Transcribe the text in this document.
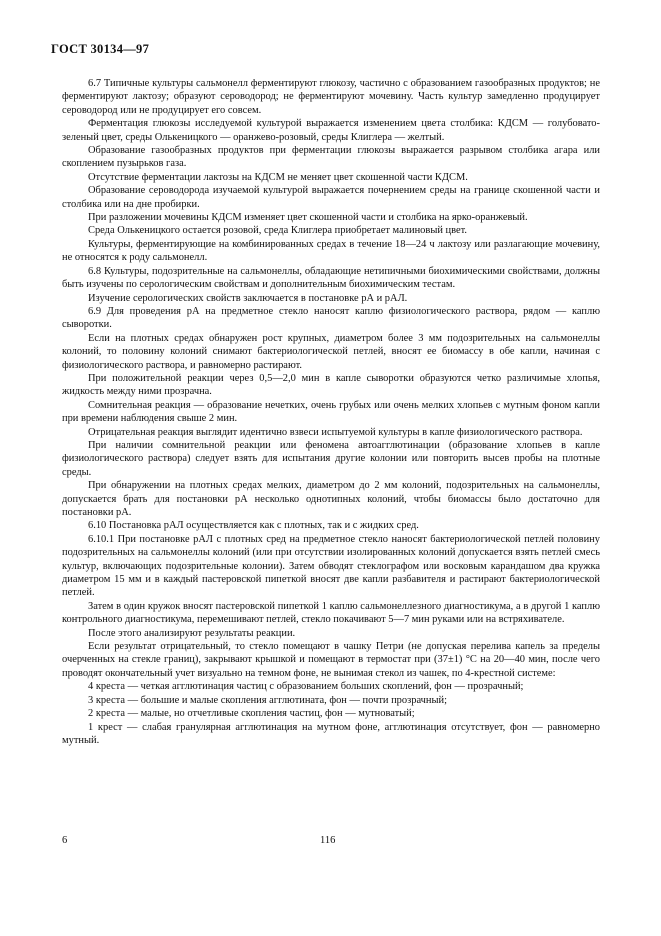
ГОСТ 30134—97

6.7 Типичные культуры сальмонелл ферментируют глюкозу, частично с образованием газообразных продуктов; не ферментируют лактозу; образуют сероводород; не ферментируют мочевину. Часть культур замедленно продуцирует сероводород или не продуцирует его совсем.

Ферментация глюкозы исследуемой культурой выражается изменением цвета столбика: КДСМ — голубовато-зеленый цвет, среды Олькеницкого — оранжево-розовый, среды Клиглера — желтый.

Образование газообразных продуктов при ферментации глюкозы выражается разрывом столбика агара или скоплением пузырьков газа.

Отсутствие ферментации лактозы на КДСМ не меняет цвет скошенной части КДСМ.

Образование сероводорода изучаемой культурой выражается почернением среды на границе скошенной части и столбика или на дне пробирки.

При разложении мочевины КДСМ изменяет цвет скошенной части и столбика на ярко-оранжевый.

Среда Олькеницкого остается розовой, среда Клиглера приобретает малиновый цвет.

Культуры, ферментирующие на комбинированных средах в течение 18—24 ч лактозу или разлагающие мочевину, не относятся к роду сальмонелл.

6.8 Культуры, подозрительные на сальмонеллы, обладающие нетипичными биохимическими свойствами, должны быть изучены по серологическим свойствам и дополнительным биохимическим тестам.

Изучение серологических свойств заключается в постановке рА и рАЛ.

6.9 Для проведения рА на предметное стекло наносят каплю физиологического раствора, рядом — каплю сыворотки.

Если на плотных средах обнаружен рост крупных, диаметром более 3 мм подозрительных на сальмонеллы колоний, то половину колоний снимают бактериологической петлей, вносят ее биомассу в обе капли, начиная с физиологического раствора, и равномерно растирают.

При положительной реакции через 0,5—2,0 мин в капле сыворотки образуются четко различимые хлопья, жидкость между ними прозрачна.

Сомнительная реакция — образование нечетких, очень грубых или очень мелких хлопьев с мутным фоном капли при времени наблюдения свыше 2 мин.

Отрицательная реакция выглядит идентично взвеси испытуемой культуры в капле физиологического раствора.

При наличии сомнительной реакции или феномена автоагглютинации (образование хлопьев в капле физиологического раствора) следует взять для испытания другие колонии или повторить высев пробы на плотные среды.

При обнаружении на плотных средах мелких, диаметром до 2 мм колоний, подозрительных на сальмонеллы, допускается брать для постановки рА несколько однотипных колоний, чтобы биомассы было достаточно для постановки рА.

6.10 Постановка рАЛ осуществляется как с плотных, так и с жидких сред.

6.10.1 При постановке рАЛ с плотных сред на предметное стекло наносят бактериологической петлей половину подозрительных на сальмонеллы колоний (или при отсутствии изолированных колоний допускается взять петлей смесь культур, включающих подозрительные колонии). Затем обводят стеклографом или восковым карандашом два кружка диаметром 15 мм и в каждый пастеровской пипеткой вносят две капли разбавителя и растирают бактериологической петлей.

Затем в один кружок вносят пастеровской пипеткой 1 каплю сальмонеллезного диагностикума, а в другой 1 каплю контрольного диагностикума, перемешивают петлей, стекло покачивают 5—7 мин руками или на встряхивателе.

После этого анализируют результаты реакции.

Если результат отрицательный, то стекло помещают в чашку Петри (не допуская перелива капель за пределы очерченных на стекле границ), закрывают крышкой и помещают в термостат при (37±1) °С на 20—40 мин, после чего проводят окончательный учет визуально на темном фоне, не вынимая стекол из чашек, по 4-крестной системе:

4 креста — четкая агглютинация частиц с образованием больших скоплений, фон — прозрачный;

3 креста — большие и малые скопления агглютината, фон — почти прозрачный;

2 креста — малые, но отчетливые скопления частиц, фон — мутноватый;

1 крест — слабая гранулярная агглютинация на мутном фоне, агглютинация отсутствует, фон — равномерно мутный.

6	116
